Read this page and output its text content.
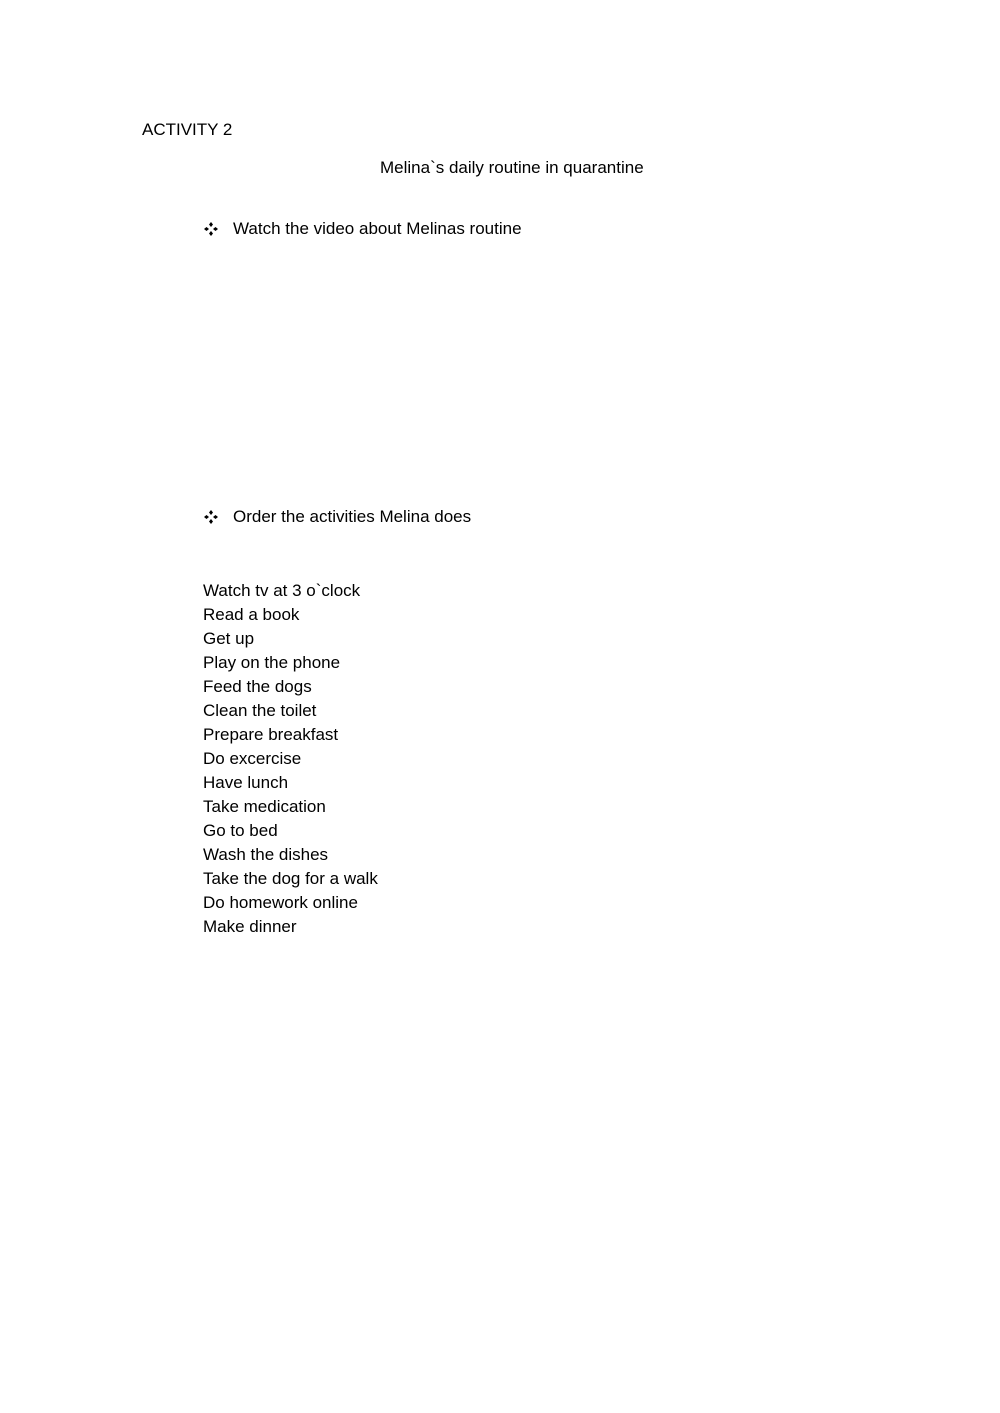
ACTIVITY 2
Melina`s daily routine in quarantine
Watch the video about Melinas routine
Order the activities Melina does
Watch tv at 3 o`clock
Read a book
Get up
Play on the phone
Feed the dogs
Clean the toilet
Prepare breakfast
Do excercise
Have lunch
Take medication
Go to bed
Wash the dishes
Take the dog for a walk
Do homework online
Make dinner
